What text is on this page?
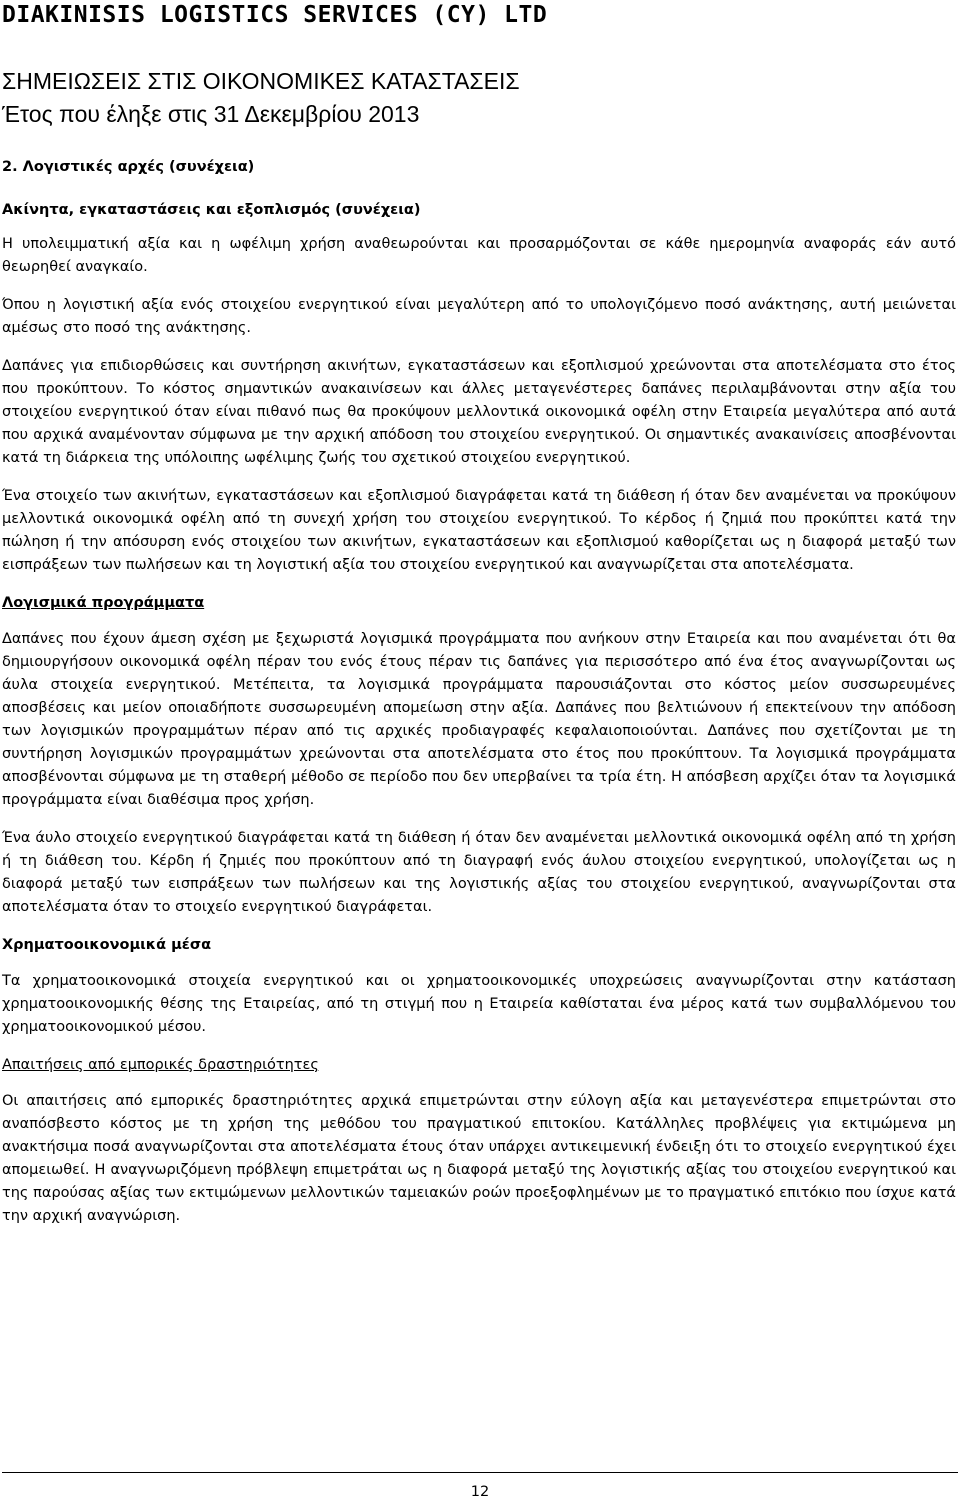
DIAKINISIS LOGISTICS SERVICES (CY) LTD
ΣΗΜΕΙΩΣΕΙΣ ΣΤΙΣ ΟΙΚΟΝΟΜΙΚΕΣ ΚΑΤΑΣΤΑΣΕΙΣ
Έτος που έληξε στις 31 Δεκεμβρίου 2013
2. Λογιστικές αρχές (συνέχεια)
Ακίνητα, εγκαταστάσεις και εξοπλισμός (συνέχεια)

Η υπολειμματική αξία και η ωφέλιμη χρήση αναθεωρούνται και προσαρμόζονται σε κάθε ημερομηνία αναφοράς εάν αυτό θεωρηθεί αναγκαίο.

Όπου η λογιστική αξία ενός στοιχείου ενεργητικού είναι μεγαλύτερη από το υπολογιζόμενο ποσό ανάκτησης, αυτή μειώνεται αμέσως στο ποσό της ανάκτησης.

Δαπάνες για επιδιορθώσεις και συντήρηση ακινήτων, εγκαταστάσεων και εξοπλισμού χρεώνονται στα αποτελέσματα στο έτος που προκύπτουν. Το κόστος σημαντικών ανακαινίσεων και άλλες μεταγενέστερες δαπάνες περιλαμβάνονται στην αξία του στοιχείου ενεργητικού όταν είναι πιθανό πως θα προκύψουν μελλοντικά οικονομικά οφέλη στην Εταιρεία μεγαλύτερα από αυτά που αρχικά αναμένονταν σύμφωνα με την αρχική απόδοση του στοιχείου ενεργητικού. Οι σημαντικές ανακαινίσεις αποσβένονται κατά τη διάρκεια της υπόλοιπης ωφέλιμης ζωής του σχετικού στοιχείου ενεργητικού.

Ένα στοιχείο των ακινήτων, εγκαταστάσεων και εξοπλισμού διαγράφεται κατά τη διάθεση ή όταν δεν αναμένεται να προκύψουν μελλοντικά οικονομικά οφέλη από τη συνεχή χρήση του στοιχείου ενεργητικού. Το κέρδος ή ζημιά που προκύπτει κατά την πώληση ή την απόσυρση ενός στοιχείου των ακινήτων, εγκαταστάσεων και εξοπλισμού καθορίζεται ως η διαφορά μεταξύ των εισπράξεων των πωλήσεων και τη λογιστική αξία του στοιχείου ενεργητικού και αναγνωρίζεται στα αποτελέσματα.

Λογισμικά προγράμματα

Δαπάνες που έχουν άμεση σχέση με ξεχωριστά λογισμικά προγράμματα που ανήκουν στην Εταιρεία και που αναμένεται ότι θα δημιουργήσουν οικονομικά οφέλη πέραν του ενός έτους πέραν τις δαπάνες για περισσότερο από ένα έτος αναγνωρίζονται ως άυλα στοιχεία ενεργητικού. Μετέπειτα, τα λογισμικά προγράμματα παρουσιάζονται στο κόστος μείον συσσωρευμένες αποσβέσεις και μείον οποιαδήποτε συσσωρευμένη απομείωση στην αξία. Δαπάνες που βελτιώνουν ή επεκτείνουν την απόδοση των λογισμικών προγραμμάτων πέραν από τις αρχικές προδιαγραφές κεφαλαιοποιούνται. Δαπάνες που σχετίζονται με τη συντήρηση λογισμικών προγραμμάτων χρεώνονται στα αποτελέσματα στο έτος που προκύπτουν. Τα λογισμικά προγράμματα αποσβένονται σύμφωνα με τη σταθερή μέθοδο σε περίοδο που δεν υπερβαίνει τα τρία έτη. Η απόσβεση αρχίζει όταν τα λογισμικά προγράμματα είναι διαθέσιμα προς χρήση.

Ένα άυλο στοιχείο ενεργητικού διαγράφεται κατά τη διάθεση ή όταν δεν αναμένεται μελλοντικά οικονομικά οφέλη από τη χρήση ή τη διάθεση του. Κέρδη ή ζημιές που προκύπτουν από τη διαγραφή ενός άυλου στοιχείου ενεργητικού, υπολογίζεται ως η διαφορά μεταξύ των εισπράξεων των πωλήσεων και της λογιστικής αξίας του στοιχείου ενεργητικού, αναγνωρίζονται στα αποτελέσματα όταν το στοιχείο ενεργητικού διαγράφεται.

Χρηματοοικονομικά μέσα

Τα χρηματοοικονομικά στοιχεία ενεργητικού και οι χρηματοοικονομικές υποχρεώσεις αναγνωρίζονται στην κατάσταση χρηματοοικονομικής θέσης της Εταιρείας, από τη στιγμή που η Εταιρεία καθίσταται ένα μέρος κατά των συμβαλλόμενου του χρηματοοικονομικού μέσου.

Απαιτήσεις από εμπορικές δραστηριότητες

Οι απαιτήσεις από εμπορικές δραστηριότητες αρχικά επιμετρώνται στην εύλογη αξία και μεταγενέστερα επιμετρώνται στο αναπόσβεστο κόστος με τη χρήση της μεθόδου του πραγματικού επιτοκίου. Κατάλληλες προβλέψεις για εκτιμώμενα μη ανακτήσιμα ποσά αναγνωρίζονται στα αποτελέσματα έτους όταν υπάρχει αντικειμενική ένδειξη ότι το στοιχείο ενεργητικού έχει απομειωθεί. Η αναγνωριζόμενη πρόβλεψη επιμετράται ως η διαφορά μεταξύ της λογιστικής αξίας του στοιχείου ενεργητικού και της παρούσας αξίας των εκτιμώμενων μελλοντικών ταμειακών ροών προεξοφλημένων με το πραγματικό επιτόκιο που ίσχυε κατά την αρχική αναγνώριση.

12
